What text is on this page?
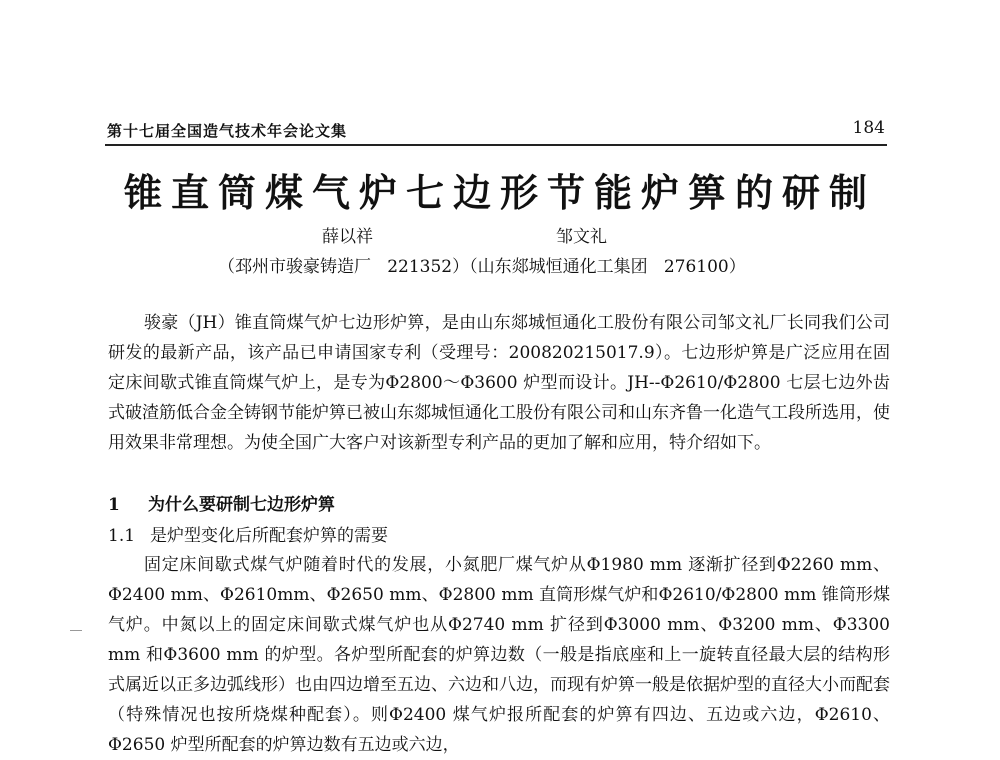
第十七届全国造气技术年会论文集	184
锥直筒煤气炉七边形节能炉箅的研制
薛以祥	邹文礼
（邳州市骏豪铸造厂   221352）（山东郯城恒通化工集团   276100）
骏豪（JH）锥直筒煤气炉七边形炉箅，是由山东郯城恒通化工股份有限公司邹文礼厂长同我们公司研发的最新产品，该产品已申请国家专利（受理号：200820215017.9）。七边形炉箅是广泛应用在固定床间歇式锥直筒煤气炉上，是专为Φ2800～Φ3600 炉型而设计。JH--Φ2610/Φ2800 七层七边外齿式破渣筋低合金全铸钢节能炉箅已被山东郯城恒通化工股份有限公司和山东齐鲁一化造气工段所选用，使用效果非常理想。为使全国广大客户对该新型专利产品的更加了解和应用，特介绍如下。
1 为什么要研制七边形炉箅
1.1 是炉型变化后所配套炉箅的需要
固定床间歇式煤气炉随着时代的发展，小氮肥厂煤气炉从Φ1980 mm 逐渐扩径到Φ2260 mm、Φ2400 mm、Φ2610mm、Φ2650 mm、Φ2800 mm 直筒形煤气炉和Φ2610/Φ2800 mm 锥筒形煤气炉。中氮以上的固定床间歇式煤气炉也从Φ2740 mm 扩径到Φ3000 mm、Φ3200 mm、Φ3300 mm 和Φ3600 mm 的炉型。各炉型所配套的炉箅边数（一般是指底座和上一旋转直径最大层的结构形式属近以正多边弧线形）也由四边增至五边、六边和八边，而现有炉箅一般是依据炉型的直径大小而配套（特殊情况也按所烧煤种配套）。则Φ2400 煤气炉报所配套的炉箅有四边、五边或六边，Φ2610、Φ2650 炉型所配套的炉箅边数有五边或六边，
